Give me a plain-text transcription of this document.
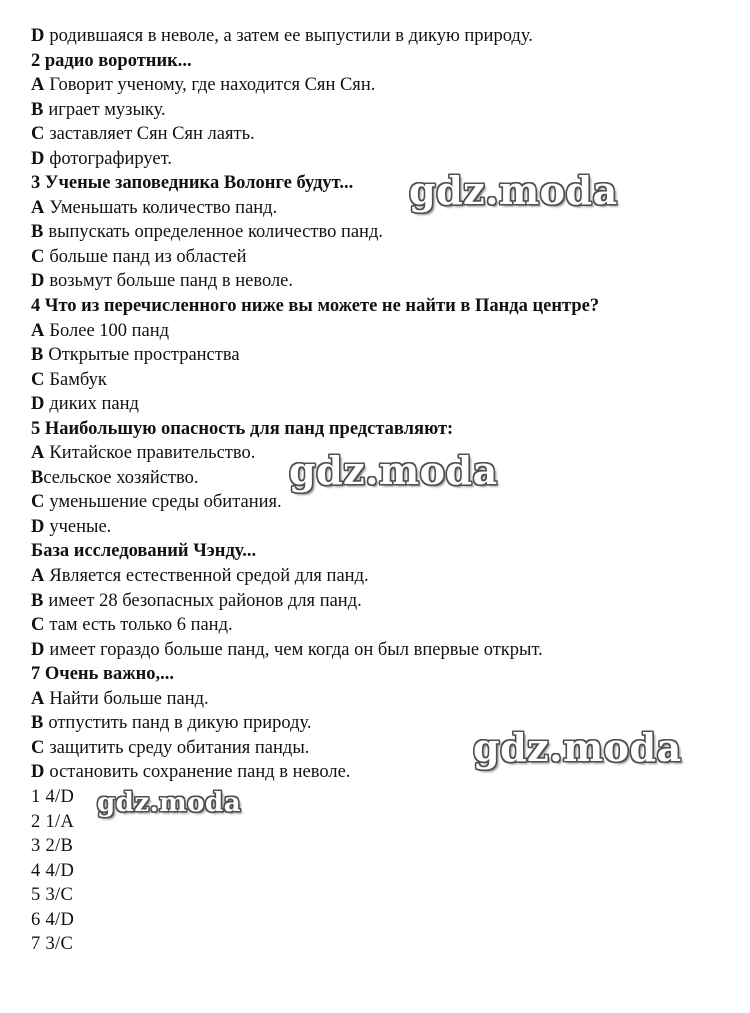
D родившаяся в неволе, а затем ее выпустили в дикую природу.
2 радио воротник...
A Говорит ученому, где находится Сян Сян.
B играет музыку.
C заставляет Сян Сян лаять.
D фотографирует.
3 Ученые заповедника Волонге будут...
A Уменьшать количество панд.
B выпускать определенное количество панд.
C больше панд из областей
D возьмут больше панд в неволе.
4 Что из перечисленного ниже вы можете не найти в Панда центре?
A Более 100 панд
B Открытые пространства
C Бамбук
D диких панд
5 Наибольшую опасность для панд представляют:
A Китайское правительство.
Bсельское хозяйство.
C уменьшение среды обитания.
D ученые.
База исследований Чэнду...
A Является естественной средой для панд.
B имеет 28 безопасных районов для панд.
C там есть только 6 панд.
D имеет гораздо больше панд, чем когда он был впервые открыт.
7 Очень важно,...
A Найти больше панд.
B отпустить панд в дикую природу.
C защитить среду обитания панды.
D остановить сохранение панд в неволе.
1 4/D
2 1/A
3 2/B
4 4/D
5 3/C
6 4/D
7 3/C
gdz.moda
gdz.moda
gdz.moda
gdz.moda
